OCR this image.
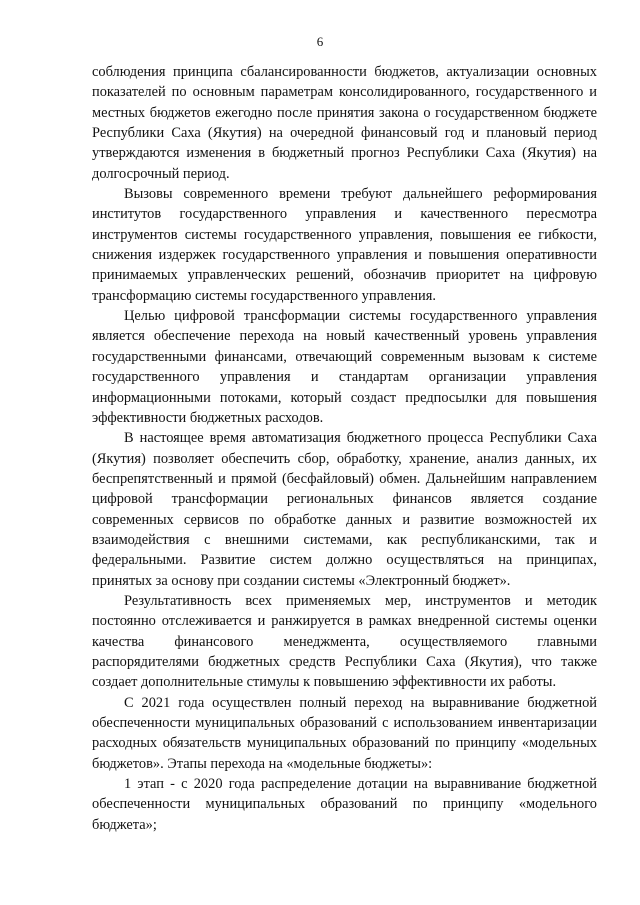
6

соблюдения принципа сбалансированности бюджетов, актуализации основных показателей по основным параметрам консолидированного, государственного и местных бюджетов ежегодно после принятия закона о государственном бюджете Республики Саха (Якутия) на очередной финансовый год и плановый период утверждаются изменения в бюджетный прогноз Республики Саха (Якутия) на долгосрочный период.

Вызовы современного времени требуют дальнейшего реформирования институтов государственного управления и качественного пересмотра инструментов системы государственного управления, повышения ее гибкости, снижения издержек государственного управления и повышения оперативности принимаемых управленческих решений, обозначив приоритет на цифровую трансформацию системы государственного управления.

Целью цифровой трансформации системы государственного управления является обеспечение перехода на новый качественный уровень управления государственными финансами, отвечающий современным вызовам к системе государственного управления и стандартам организации управления информационными потоками, который создаст предпосылки для повышения эффективности бюджетных расходов.

В настоящее время автоматизация бюджетного процесса Республики Саха (Якутия) позволяет обеспечить сбор, обработку, хранение, анализ данных, их беспрепятственный и прямой (бесфайловый) обмен. Дальнейшим направлением цифровой трансформации региональных финансов является создание современных сервисов по обработке данных и развитие возможностей их взаимодействия с внешними системами, как республиканскими, так и федеральными. Развитие систем должно осуществляться на принципах, принятых за основу при создании системы «Электронный бюджет».

Результативность всех применяемых мер, инструментов и методик постоянно отслеживается и ранжируется в рамках внедренной системы оценки качества финансового менеджмента, осуществляемого главными распорядителями бюджетных средств Республики Саха (Якутия), что также создает дополнительные стимулы к повышению эффективности их работы.

С 2021 года осуществлен полный переход на выравнивание бюджетной обеспеченности муниципальных образований с использованием инвентаризации расходных обязательств муниципальных образований по принципу «модельных бюджетов». Этапы перехода на «модельные бюджеты»:

1 этап - с 2020 года распределение дотации на выравнивание бюджетной обеспеченности муниципальных образований по принципу «модельного бюджета»;
